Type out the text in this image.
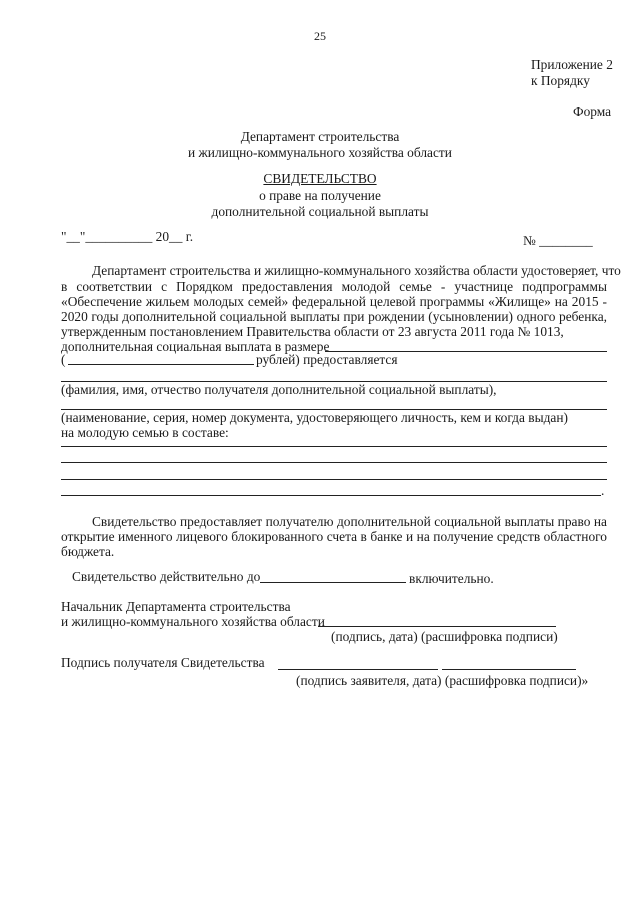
25
Приложение 2
к Порядку
Форма
Департамент строительства
и жилищно-коммунального хозяйства области
СВИДЕТЕЛЬСТВО
о праве на получение
дополнительной социальной выплаты
"__"__________ 20__ г.	№ ________
Департамент строительства и жилищно-коммунального хозяйства области удостоверяет, что
в соответствии с Порядком предоставления молодой семье - участнице подпрограммы
«Обеспечение жильем молодых семей» федеральной целевой программы «Жилище» на 2015 -
2020 годы дополнительной социальной выплаты при рождении (усыновлении) одного ребенка,
утвержденным постановлением Правительства области от 23 августа 2011 года № 1013,
дополнительная социальная выплата в размере
(	рублей) предоставляется
(фамилия, имя, отчество получателя дополнительной социальной выплаты),
(наименование, серия, номер документа, удостоверяющего личность, кем и когда выдан)
на молодую семью в составе:
.
Свидетельство предоставляет получателю дополнительной социальной выплаты право на
открытие именного лицевого блокированного счета в банке и на получение средств областного
бюджета.
Свидетельство действительно до	включительно.
Начальник Департамента строительства
и жилищно-коммунального хозяйства области
(подпись, дата) (расшифровка подписи)
Подпись получателя Свидетельства
(подпись заявителя, дата) (расшифровка подписи)»
